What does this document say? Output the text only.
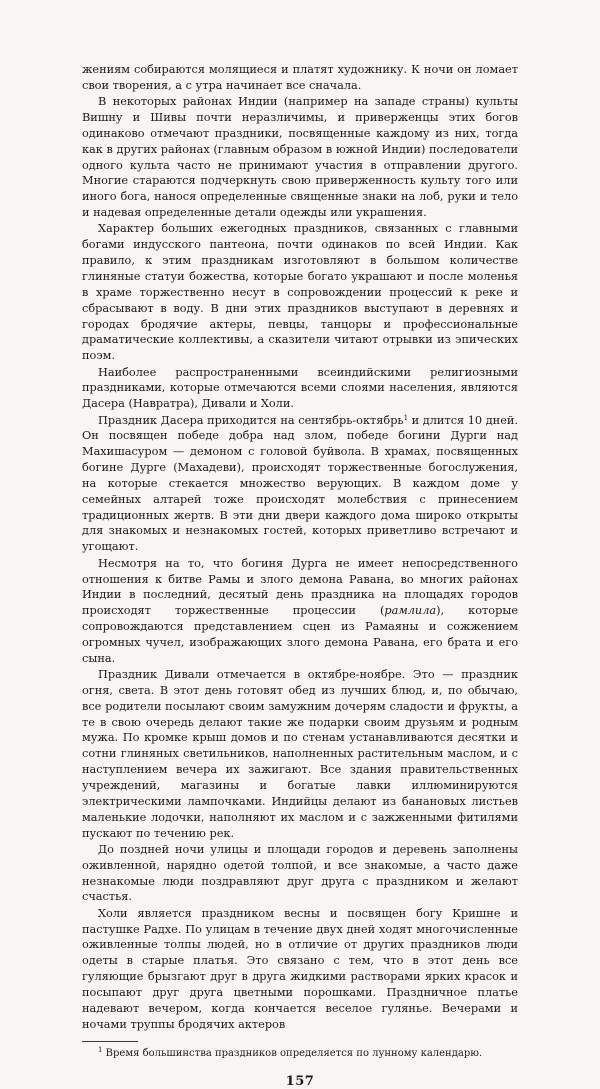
жениям собираются молящиеся и платят художнику. К ночи он ломает свои творения, а с утра начинает все сначала.

В некоторых районах Индии (например на западе страны) культы Вишну и Шивы почти неразличимы, и приверженцы этих богов одинаково отмечают праздники, посвященные каждому из них, тогда как в других районах (главным образом в южной Индии) последователи одного культа часто не принимают участия в отправлении другого. Многие стараются подчеркнуть свою приверженность культу того или иного бога, нанося определенные священные знаки на лоб, руки и тело и надевая определенные детали одежды или украшения.

Характер больших ежегодных праздников, связанных с главными богами индусского пантеона, почти одинаков по всей Индии. Как правило, к этим праздникам изготовляют в большом количестве глиняные статуи божества, которые богато украшают и после моленья в храме торжественно несут в сопровождении процессий к реке и сбрасывают в воду. В дни этих праздников выступают в деревнях и городах бродячие актеры, певцы, танцоры и профессиональные драматические коллективы, а сказители читают отрывки из эпических поэм.

Наиболее распространенными всеиндийскими религиозными праздниками, которые отмечаются всеми слоями населения, являются Дасера (Навратра), Дивали и Холи.

Праздник Дасера приходится на сентябрь-октябрь$^1$ и длится 10 дней. Он посвящен победе добра над злом, победе богини Дурги над Махишасуром — демоном с головой буйвола. В храмах, посвященных богине Дурге (Махадеви), происходят торжественные богослужения, на которые стекается множество верующих. В каждом доме у семейных алтарей тоже происходят молебствия с принесением традиционных жертв. В эти дни двери каждого дома широко открыты для знакомых и незнакомых гостей, которых приветливо встречают и угощают.

Несмотря на то, что богиня Дурга не имеет непосредственного отношения к битве Рамы и злого демона Равана, во многих районах Индии в последний, десятый день праздника на площадях городов происходят торжественные процессии (рамлила), которые сопровождаются представлением сцен из Рамаяны и сожжением огромных чучел, изображающих злого демона Равана, его брата и его сына.

Праздник Дивали отмечается в октябре-ноябре. Это — праздник огня, света. В этот день готовят обед из лучших блюд, и, по обычаю, все родители посылают своим замужним дочерям сладости и фрукты, а те в свою очередь делают такие же подарки своим друзьям и родным мужа. По кромке крыш домов и по стенам устанавливаются десятки и сотни глиняных светильников, наполненных растительным маслом, и с наступлением вечера их зажигают. Все здания правительственных учреждений, магазины и богатые лавки иллюминируются электрическими лампочками. Индийцы делают из банановых листьев маленькие лодочки, наполняют их маслом и с зажженными фитилями пускают по течению рек.

До поздней ночи улицы и площади городов и деревень заполнены оживленной, нарядно одетой толпой, и все знакомые, а часто даже незнакомые люди поздравляют друг друга с праздником и желают счастья.

Холи является праздником весны и посвящен богу Кришне и пастушке Радхе. По улицам в течение двух дней ходят многочисленные оживленные толпы людей, но в отличие от других праздников люди одеты в старые платья. Это связано с тем, что в этот день все гуляющие брызгают друг в друга жидкими растворами ярких красок и посыпают друг друга цветными порошками. Праздничное платье надевают вечером, когда кончается веселое гулянье. Вечерами и ночами труппы бродячих актеров

$^1$ Время большинства праздников определяется по лунному календарю.

157
